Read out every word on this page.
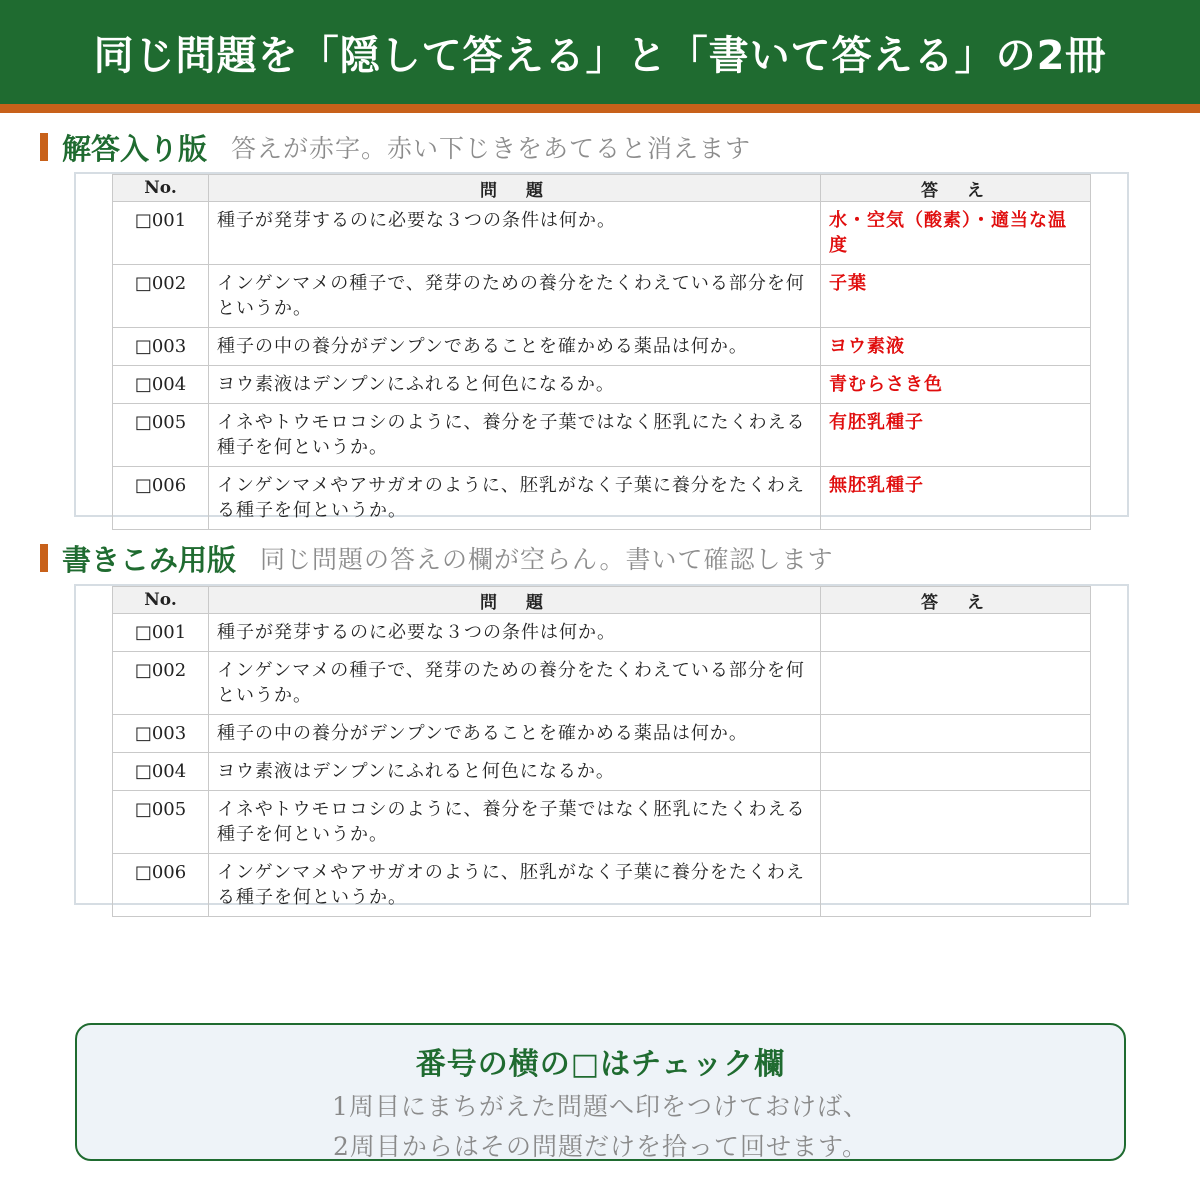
同じ問題を「隠して答える」と「書いて答える」の2冊
解答入り版 答えが赤字。赤い下じきをあてると消えます
No.	問　題	答　え
□001	種子が発芽するのに必要な３つの条件は何か。	水・空気（酸素）・適当な温度
□002	インゲンマメの種子で、発芽のための養分をたくわえている部分を何というか。	子葉
□003	種子の中の養分がデンプンであることを確かめる薬品は何か。	ヨウ素液
□004	ヨウ素液はデンプンにふれると何色になるか。	青むらさき色
□005	イネやトウモロコシのように、養分を子葉ではなく胚乳にたくわえる種子を何というか。	有胚乳種子
□006	インゲンマメやアサガオのように、胚乳がなく子葉に養分をたくわえる種子を何というか。	無胚乳種子
書きこみ用版 同じ問題の答えの欄が空らん。書いて確認します
No.	問　題	答　え
□001	種子が発芽するのに必要な３つの条件は何か。	
□002	インゲンマメの種子で、発芽のための養分をたくわえている部分を何というか。	
□003	種子の中の養分がデンプンであることを確かめる薬品は何か。	
□004	ヨウ素液はデンプンにふれると何色になるか。	
□005	イネやトウモロコシのように、養分を子葉ではなく胚乳にたくわえる種子を何というか。	
□006	インゲンマメやアサガオのように、胚乳がなく子葉に養分をたくわえる種子を何というか。	
番号の横の□はチェック欄
1周目にまちがえた問題へ印をつけておけば、
2周目からはその問題だけを拾って回せます。
